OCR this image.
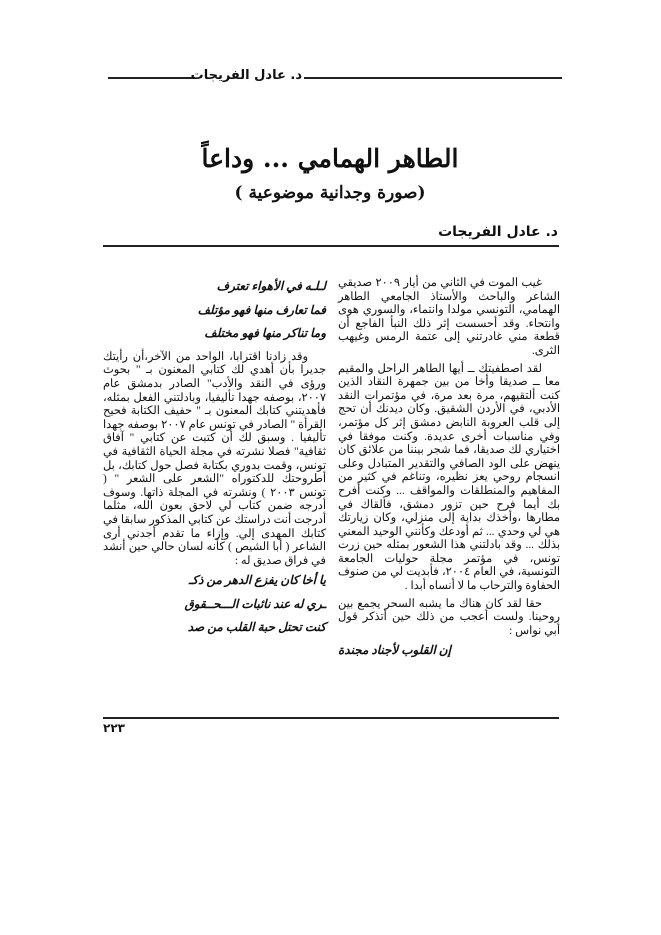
د. عادل الفريجات
الطاهر الهمامي ... وداعاً
(صورة وجدانية موضوعية )
د. عادل الفريجات

غيب الموت في الثاني من أيار ٢٠٠٩ صديقي الشاعر والباحث والأستاذ الجامعي الطاهر الهمامي، التونسي مولدا وانتماء، والسوري هوى وانتحاء. وقد أحسست إثر ذلك النبأ الفاجع أن قطعة مني غادرتني إلى عتمة الرمس وغيهب الثرى.

لقد اصطفيتك ــ أيها الطاهر الراحل والمقيم معا ــ صديقا وأخا من بين جمهرة النقاد الذين كنت ألتقيهم، مرة بعد مرة، في مؤتمرات النقد الأدبي، في الأردن الشقيق. وكان ديدنك أن تحج إلى قلب العروبة النابض دمشق إثر كل مؤتمر، وفي مناسبات أخرى عديدة. وكنت موفقا في اختياري لك صديقا، فما شجر بيننا من علائق كان ينهض على الود الصافي والتقدير المتبادل وعلى انسجام روحي يعز نظيره، وتناغم في كثير من المفاهيم والمنطلقات والمواقف ... وكنت أفرح بك أيما فرح حين تزور دمشق، فألقاك في مطارها ،وأخذك بداية إلى منزلي، وكان زيارتك هي لي وحدي ... ثم أودعك وكأنني الوحيد المعني بذلك ... وقد بادلتني هذا الشعور بمثله حين زرت تونس، في مؤتمر مجلة حوليات الجامعة التونسية، في العام ٢٠٠٤، فأبديت لي من صنوف الحفاوة والترحاب ما لا أنساه أبدا .

حقا لقد كان هناك ما يشبه السحر يجمع بين روحينا. ولست أعجب من ذلك حين أتذكر قول أبي نواس :

إن القلوب لأجناد مجندة
لـلـه في الأهواء تعترف
فما تعارف منها فهو مؤتلف
وما تناكر منها فهو مختلف

وقد زادنا اقترابا، الواحد من الآخر،أن رأيتك جديرا بأن أهدي لك كتابي المعنون بـ " بحوث ورؤى في النقد والأدب" الصادر بدمشق عام ٢٠٠٧، بوصفه جهدا تأليفيا، وبادلتني الفعل بمثله، فأهديتني كتابك المعنون بـ " حفيف الكتابة فحيح القرأة " الصادر في تونس عام ٢٠٠٧ بوصفه جهدا تأليفيا . وسبق لك أن كتبت عن كتابي " آفاق ثقافية" فصلا نشرته في مجلة الحياة الثقافية في تونس، وقمت بدوري بكتابة فصل حول كتابك، بل أطروحتك للدكتوراه "الشعر على الشعر " ( تونس ٢٠٠٣ ) ونشرته في المجلة ذاتها. وسوف أدرجه ضمن كتاب لي لاحق بعون الله، مثلما أدرجت أنت دراستك عن كتابي المذكور سابقا في كتابك المهدى إلي. وإزاء ما تقدم أجدني أرى الشاعر ( أبا الشيص ) كأنه لسان حالي حين أنشد في فراق صديق له :

يا أخا كان يفزع الدهر من ذكـ
ـري له عند نائبات الـــحــقوق
كنت تحتل حبة القلب من صد
٢٢٣
